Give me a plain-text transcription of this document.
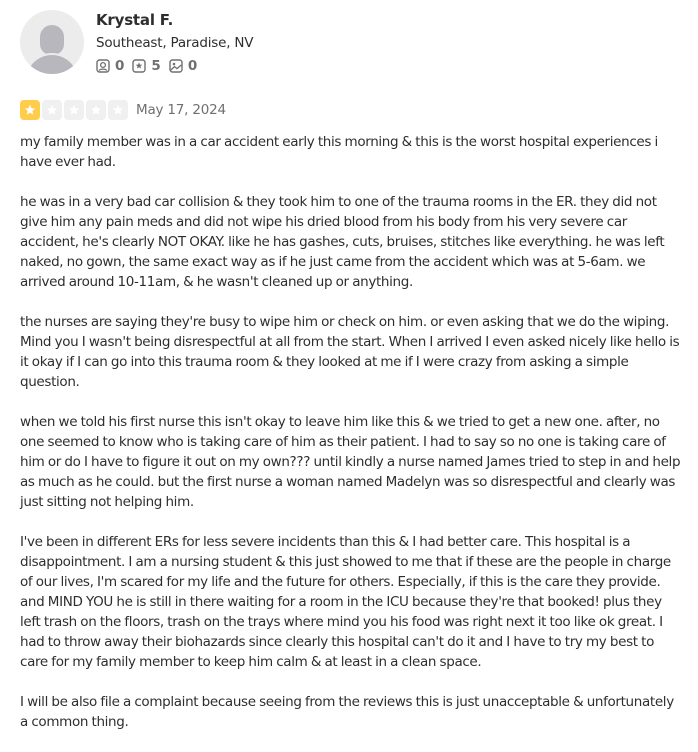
Krystal F.
Southeast, Paradise, NV
0 5 0
May 17, 2024

my family member was in a car accident early this morning & this is the worst hospital experiences i have ever had.

he was in a very bad car collision & they took him to one of the trauma rooms in the ER. they did not give him any pain meds and did not wipe his dried blood from his body from his very severe car accident, he's clearly NOT OKAY. like he has gashes, cuts, bruises, stitches like everything. he was left naked, no gown, the same exact way as if he just came from the accident which was at 5-6am. we arrived around 10-11am, & he wasn't cleaned up or anything.

the nurses are saying they're busy to wipe him or check on him. or even asking that we do the wiping. Mind you I wasn't being disrespectful at all from the start. When I arrived I even asked nicely like hello is it okay if I can go into this trauma room & they looked at me if I were crazy from asking a simple question.

when we told his first nurse this isn't okay to leave him like this & we tried to get a new one. after, no one seemed to know who is taking care of him as their patient. I had to say so no one is taking care of him or do I have to figure it out on my own??? until kindly a nurse named James tried to step in and help as much as he could. but the first nurse a woman named Madelyn was so disrespectful and clearly was just sitting not helping him.

I've been in different ERs for less severe incidents than this & I had better care. This hospital is a disappointment. I am a nursing student & this just showed to me that if these are the people in charge of our lives, I'm scared for my life and the future for others. Especially, if this is the care they provide. and MIND YOU he is still in there waiting for a room in the ICU because they're that booked! plus they left trash on the floors, trash on the trays where mind you his food was right next it too like ok great. I had to throw away their biohazards since clearly this hospital can't do it and I have to try my best to care for my family member to keep him calm & at least in a clean space.

I will be also file a complaint because seeing from the reviews this is just unacceptable & unfortunately a common thing.
